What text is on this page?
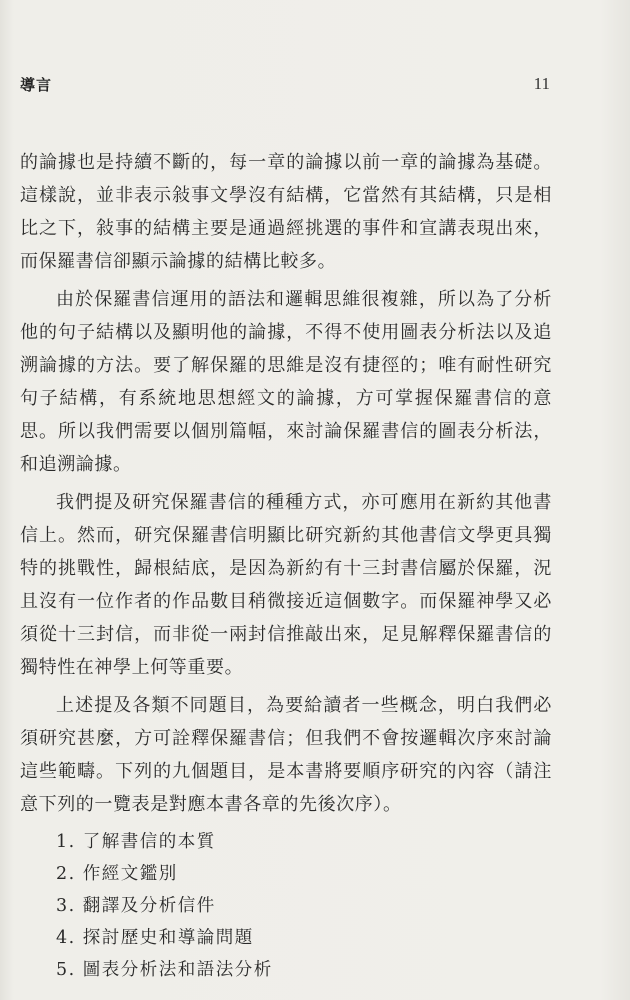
導言	11

的論據也是持續不斷的，每一章的論據以前一章的論據為基礎。這樣說，並非表示敍事文學沒有結構，它當然有其結構，只是相比之下，敍事的結構主要是通過經挑選的事件和宣講表現出來，而保羅書信卻顯示論據的結構比較多。

由於保羅書信運用的語法和邏輯思維很複雜，所以為了分析他的句子結構以及顯明他的論據，不得不使用圖表分析法以及追溯論據的方法。要了解保羅的思維是沒有捷徑的；唯有耐性研究句子結構，有系統地思想經文的論據，方可掌握保羅書信的意思。所以我們需要以個別篇幅，來討論保羅書信的圖表分析法，和追溯論據。

我們提及研究保羅書信的種種方式，亦可應用在新約其他書信上。然而，研究保羅書信明顯比研究新約其他書信文學更具獨特的挑戰性，歸根結底，是因為新約有十三封書信屬於保羅，況且沒有一位作者的作品數目稍微接近這個數字。而保羅神學又必須從十三封信，而非從一兩封信推敲出來，足見解釋保羅書信的獨特性在神學上何等重要。

上述提及各類不同題目，為要給讀者一些概念，明白我們必須研究甚麼，方可詮釋保羅書信；但我們不會按邏輯次序來討論這些範疇。下列的九個題目，是本書將要順序研究的內容（請注意下列的一覽表是對應本書各章的先後次序）。

1. 了解書信的本質
2. 作經文鑑別
3. 翻譯及分析信件
4. 探討歷史和導論問題
5. 圖表分析法和語法分析
